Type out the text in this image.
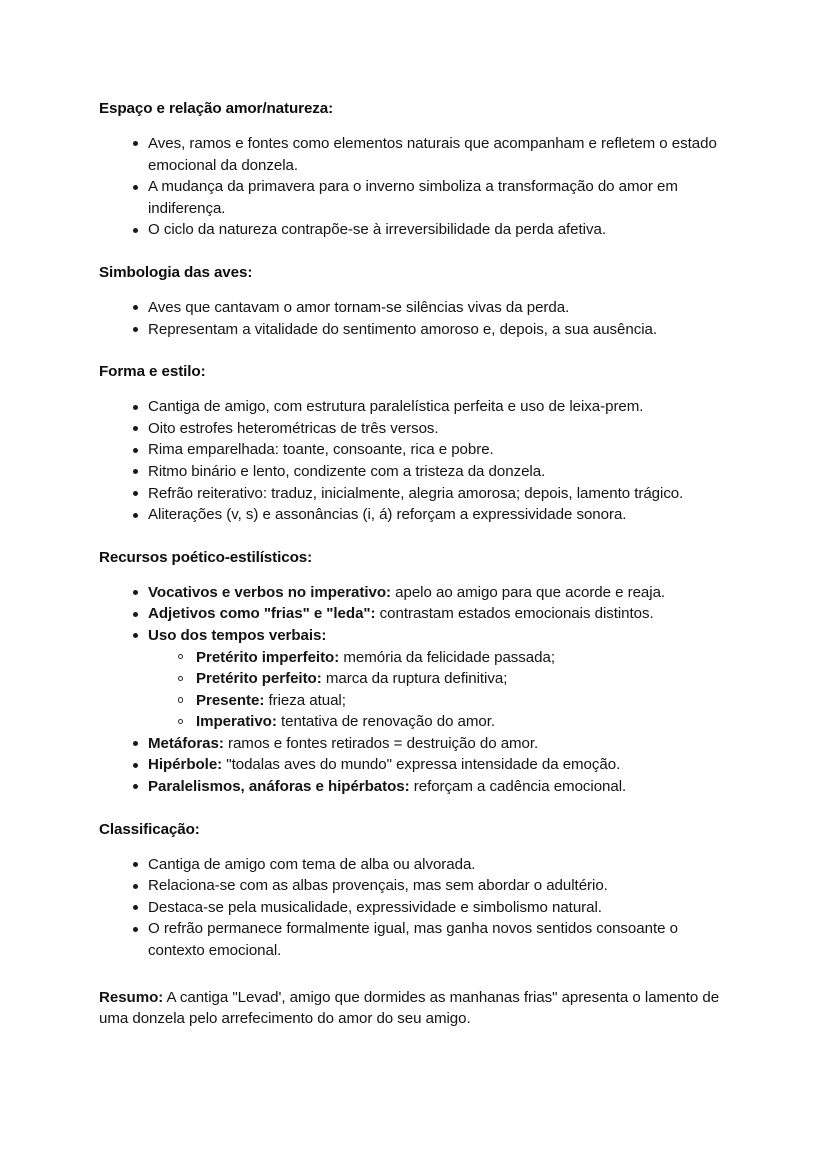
Espaço e relação amor/natureza:
Aves, ramos e fontes como elementos naturais que acompanham e refletem o estado emocional da donzela.
A mudança da primavera para o inverno simboliza a transformação do amor em indiferença.
O ciclo da natureza contrapõe-se à irreversibilidade da perda afetiva.
Simbologia das aves:
Aves que cantavam o amor tornam-se silências vivas da perda.
Representam a vitalidade do sentimento amoroso e, depois, a sua ausência.
Forma e estilo:
Cantiga de amigo, com estrutura paralelística perfeita e uso de leixa-prem.
Oito estrofes heterométricas de três versos.
Rima emparelhada: toante, consoante, rica e pobre.
Ritmo binário e lento, condizente com a tristeza da donzela.
Refrão reiterativo: traduz, inicialmente, alegria amorosa; depois, lamento trágico.
Aliterações (v, s) e assonâncias (i, á) reforçam a expressividade sonora.
Recursos poético-estilísticos:
Vocativos e verbos no imperativo: apelo ao amigo para que acorde e reaja.
Adjetivos como "frias" e "leda": contrastam estados emocionais distintos.
Uso dos tempos verbais:
Pretérito imperfeito: memória da felicidade passada;
Pretérito perfeito: marca da ruptura definitiva;
Presente: frieza atual;
Imperativo: tentativa de renovação do amor.
Metáforas: ramos e fontes retirados = destruição do amor.
Hipérbole: "todalas aves do mundo" expressa intensidade da emoção.
Paralelismos, anáforas e hipérbatos: reforçam a cadência emocional.
Classificação:
Cantiga de amigo com tema de alba ou alvorada.
Relaciona-se com as albas provençais, mas sem abordar o adultério.
Destaca-se pela musicalidade, expressividade e simbolismo natural.
O refrão permanece formalmente igual, mas ganha novos sentidos consoante o contexto emocional.

Resumo: A cantiga "Levad', amigo que dormides as manhanas frias" apresenta o lamento de uma donzela pelo arrefecimento do amor do seu amigo.
